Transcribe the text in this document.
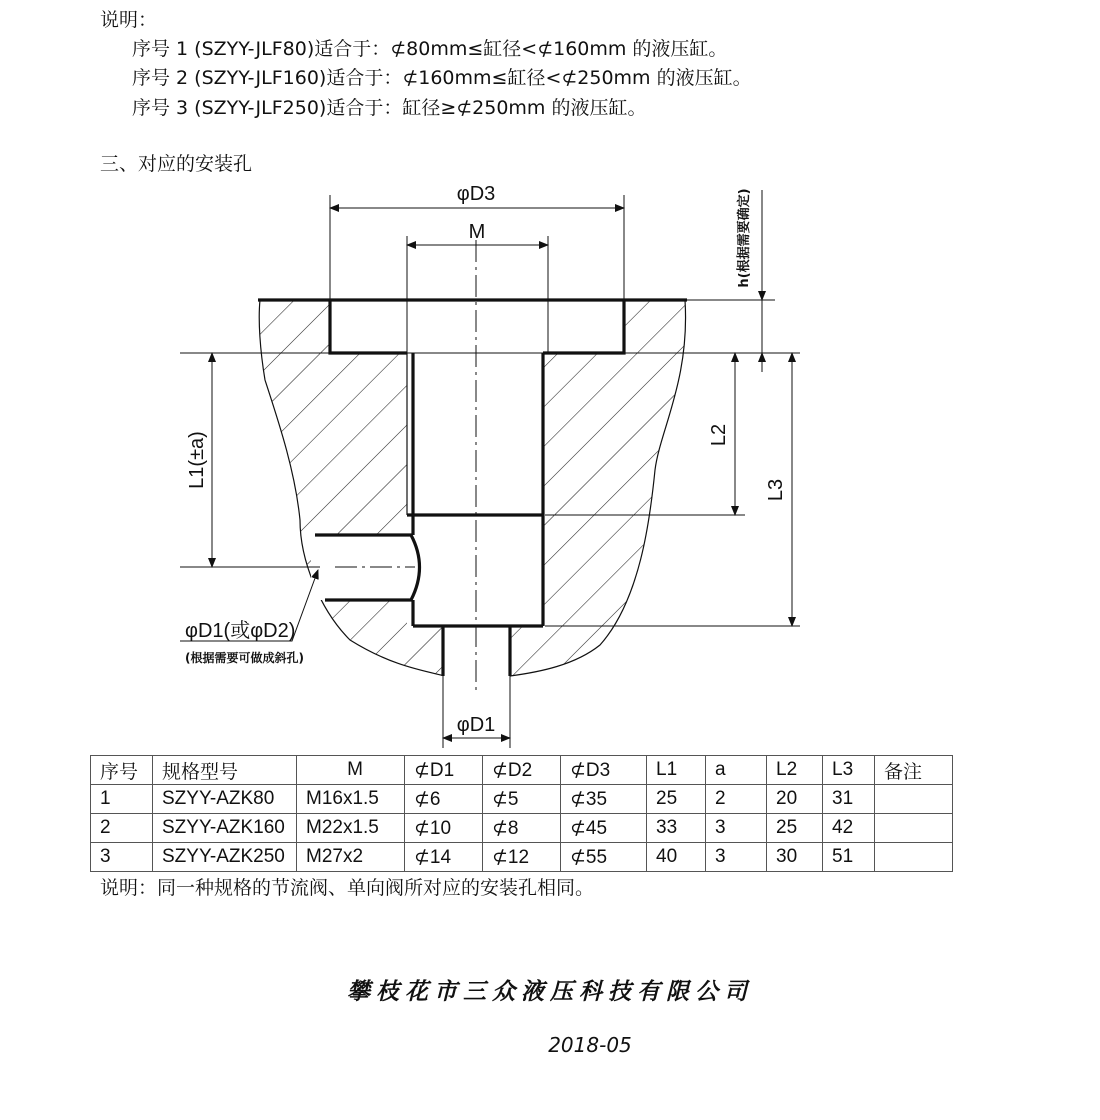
说明：
序号 1 (SZYY-JLF80)适合于：⊄80mm≤缸径<⊄160mm 的液压缸。
序号 2 (SZYY-JLF160)适合于：⊄160mm≤缸径<⊄250mm 的液压缸。
序号 3 (SZYY-JLF250)适合于：缸径≥⊄250mm 的液压缸。
三、对应的安装孔
φD3
M
L1(±a)	L2
L3
h(根据需要确定)
φD1(或φD2)
(根据需要可做成斜孔)
φD1
序号	规格型号	M	⊄D1	⊄D2	⊄D3	L1	a	L2	L3	备注
1	SZYY-AZK80	M16x1.5	⊄6	⊄5	⊄35	25	2	20	31	
2	SZYY-AZK160	M22x1.5	⊄10	⊄8	⊄45	33	3	25	42	
3	SZYY-AZK250	M27x2	⊄14	⊄12	⊄55	40	3	30	51	
说明：同一种规格的节流阀、单向阀所对应的安装孔相同。
攀枝花市三众液压科技有限公司
2018-05
